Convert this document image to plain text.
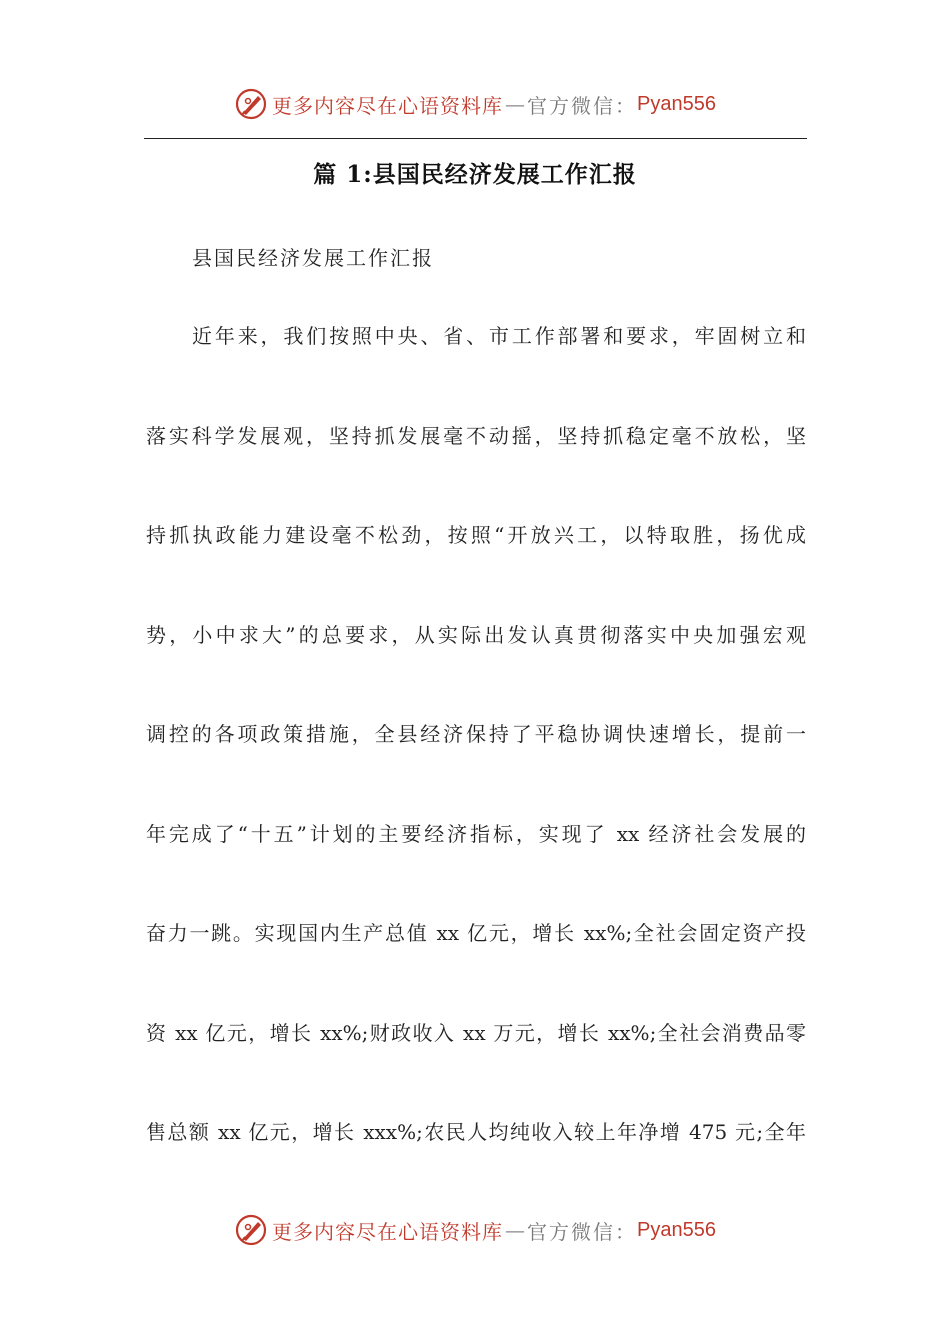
更多内容尽在心语资料库 — 官方微信： Pyan556
篇 1:县国民经济发展工作汇报
县国民经济发展工作汇报
近年来，我们按照中央、省、市工作部署和要求，牢固树立和
落实科学发展观，坚持抓发展毫不动摇，坚持抓稳定毫不放松，坚
持抓执政能力建设毫不松劲，按照“开放兴工，以特取胜，扬优成
势，小中求大”的总要求，从实际出发认真贯彻落实中央加强宏观
调控的各项政策措施，全县经济保持了平稳协调快速增长，提前一
年完成了“十五”计划的主要经济指标，实现了 xx 经济社会发展的
奋力一跳。实现国内生产总值 xx 亿元，增长 xx%;全社会固定资产投
资 xx 亿元，增长 xx%;财政收入 xx 万元，增长 xx%;全社会消费品零
售总额 xx 亿元，增长 xxx%;农民人均纯收入较上年净增 475 元;全年
更多内容尽在心语资料库 — 官方微信： Pyan556
